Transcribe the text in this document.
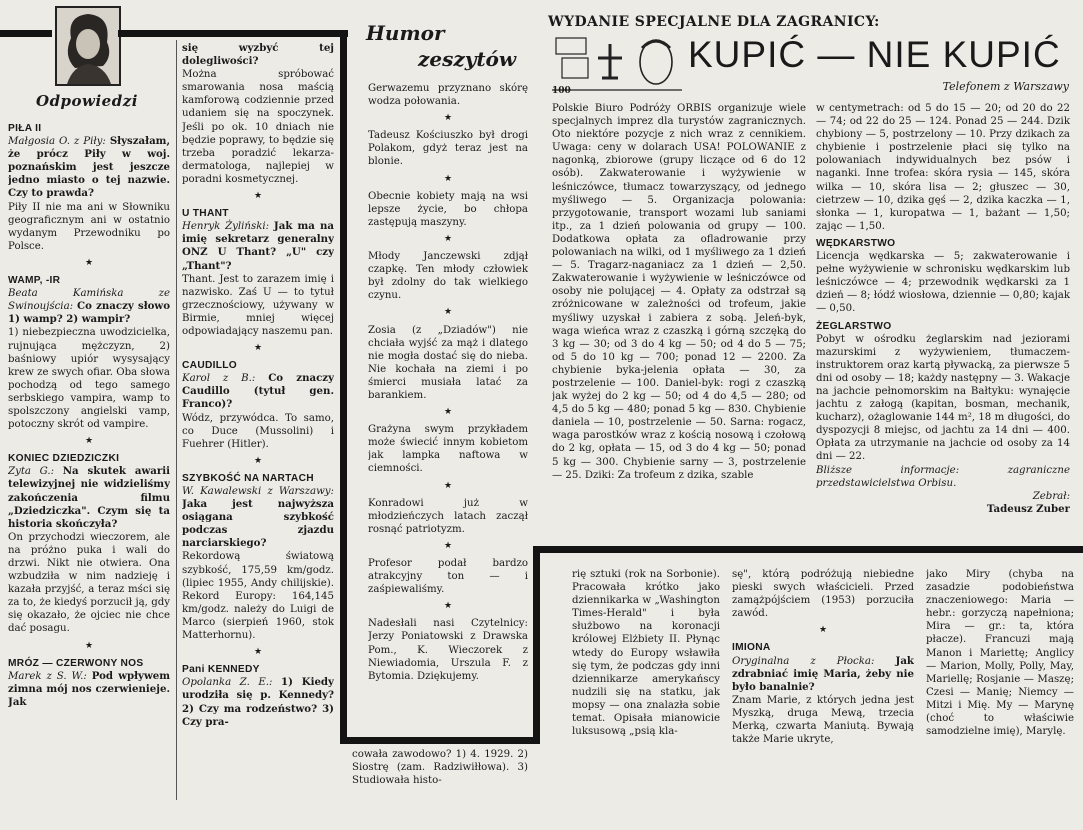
Odpowiedzi
PIŁA II

Małgosia O. z Piły: Słyszałam, że prócz Piły w woj. poznańskim jest jeszcze jedno miasto o tej nazwie. Czy to prawda?

Piły II nie ma ani w Słowniku geograficznym ani w ostatnio wydanym Przewodniku po Polsce.

★
WAMP, -IR

Beata Kamińska ze Swinoujścia: Co znaczy słowo 1) wamp? 2) wampir?

1) niebezpieczna uwodzicielka, rujnująca mężczyzn, 2) baśniowy upiór wysysający krew ze swych ofiar. Oba słowa pochodzą od tego samego serbskiego vampira, wamp to spolszczony angielski vamp, potoczny skrót od vampire.

★
KONIEC DZIEDZICZKI

Zyta G.: Na skutek awarii telewizyjnej nie widzieliśmy zakończenia filmu „Dziedziczka". Czym się ta historia skończyła?

On przychodzi wieczorem, ale na próżno puka i wali do drzwi. Nikt nie otwiera. Ona wzbudziła w nim nadzieję i kazała przyjść, a teraz mści się za to, że kiedyś porzucił ją, gdy się okazało, że ojciec nie chce dać posagu.

★
MRÓZ — CZERWONY NOS

Marek z S. W.: Pod wpływem zimna mój nos czerwienieje. Jak

się wyzbyć tej dolegliwości?

Można spróbować smarowania nosa maścią kamforową codziennie przed udaniem się na spoczynek. Jeśli po ok. 10 dniach nie będzie poprawy, to będzie się trzeba poradzić lekarza-dermatologa, najlepiej w poradni kosmetycznej.

★
U THANT

Henryk Żyliński: Jak ma na imię sekretarz generalny ONZ U Thant? „U" czy „Thant"?

Thant. Jest to zarazem imię i nazwisko. Zaś U — to tytuł grzecznościowy, używany w Birmie, mniej więcej odpowiadający naszemu pan.

★
CAUDILLO

Karol z B.: Co znaczy Caudillo (tytuł gen. Franco)?

Wódz, przywódca. To samo, co Duce (Mussolini) i Fuehrer (Hitler).

★
SZYBKOŚĆ NA NARTACH

W. Kawalewski z Warszawy: Jaka jest najwyższa osiągana szybkość podczas zjazdu narciarskiego?

Rekordową światową szybkość, 175,59 km/godz. (lipiec 1955, Andy chilijskie). Rekord Europy: 164,145 km/godz. należy do Luigi de Marco (sierpień 1960, stok Matterhornu).

★
Pani KENNEDY

Opolanka Z. E.: 1) Kiedy urodziła się p. Kennedy? 2) Czy ma rodzeństwo? 3) Czy pra-

Humor
zeszytów

Gerwazemu przyznano skórę wodza połowania.

★

Tadeusz Kościuszko był drogi Polakom, gdyż teraz jest na blonie.

★

Obecnie kobiety mają na wsi lepsze życie, bo chłopa zastępują maszyny.

★

Młody Janczewski zdjął czapkę. Ten młody człowiek był zdolny do tak wielkiego czynu.

★

Zosia (z „Dziadów") nie chciała wyjść za mąż i dlatego nie mogła dostać się do nieba. Nie kochała na ziemi i po śmierci musiała latać za barankiem.

★

Grażyna swym przykładem może świecić innym kobietom jak lampka naftowa w ciemności.

★

Konradowi już w młodzieńczych latach zaczął rosnąć patriotyzm.

★

Profesor podał bardzo atrakcyjny ton — i zaśpiewaliśmy.

★

Nadesłali nasi Czytelnicy: Jerzy Poniatowski z Drawska Pom., K. Wieczorek z Niewiadomia, Urszula F. z Bytomia. Dziękujemy.

WYDANIE SPECJALNE DLA ZAGRANICY:
100
KUPIĆ — NIE KUPIĆ
Telefonem z Warszawy

Polskie Biuro Podróży ORBIS organizuje wiele specjalnych imprez dla turystów zagranicznych. Oto niektóre pozycje z nich wraz z cennikiem. Uwaga: ceny w dolarach USA! POLOWANIE z nagonką, zbiorowe (grupy liczące od 6 do 12 osób). Zakwaterowanie i wyżywienie w leśniczówce, tłumacz towarzyszący, od jednego myśliwego — 5. Organizacja polowania: przygotowanie, transport wozami lub saniami itp., za 1 dzień polowania od grupy — 100. Dodatkowa opłata za ofladrowanie przy polowaniach na wilki, od 1 myśliwego za 1 dzień — 5. Tragarz-naganiacz za 1 dzień — 2,50. Zakwaterowanie i wyżywienie w leśniczówce od osoby nie polującej — 4. Opłaty za odstrzał są zróżnicowane w zależności od trofeum, jakie myśliwy uzyskał i zabiera z sobą. Jeleń-byk, waga wieńca wraz z czaszką i górną szczęką do 3 kg — 30; od 3 do 4 kg — 50; od 4 do 5 — 75; od 5 do 10 kg — 700; ponad 12 — 2200. Za chybienie byka-jelenia opłata — 30, za postrzelenie — 100. Daniel-byk: rogi z czaszką jak wyżej do 2 kg — 50; od 4 do 4,5 — 280; od 4,5 do 5 kg — 480; ponad 5 kg — 830. Chybienie daniela — 10, postrzelenie — 50. Sarna: rogacz, waga parostków wraz z kością nosową i czołową do 2 kg, opłata — 15, od 3 do 4 kg — 50; ponad 5 kg — 300. Chybienie sarny — 3, postrzelenie — 25. Dziki: Za trofeum z dzika, szable

w centymetrach: od 5 do 15 — 20; od 20 do 22 — 74; od 22 do 25 — 124. Ponad 25 — 244. Dzik chybiony — 5, postrzelony — 10. Przy dzikach za chybienie i postrzelenie płaci się tylko na polowaniach indywidualnych bez psów i naganki. Inne trofea: skóra rysia — 145, skóra wilka — 10, skóra lisa — 2; głuszec — 30, cietrzew — 10, dzika gęś — 2, dzika kaczka — 1, słonka — 1, kuropatwa — 1, bażant — 1,50; zając — 1,50.

WĘDKARSTWO

Licencja wędkarska — 5; zakwaterowanie i pełne wyżywienie w schronisku wędkarskim lub leśniczówce — 4; przewodnik wędkarski za 1 dzień — 8; łódź wiosłowa, dziennie — 0,80; kajak — 0,50.

ŻEGLARSTWO

Pobyt w ośrodku żeglarskim nad jeziorami mazurskimi z wyżywieniem, tłumaczem-instruktorem oraz kartą pływacką, za pierwsze 5 dni od osoby — 18; każdy następny — 3. Wakacje na jachcie pełnomorskim na Bałtyku: wynajęcie jachtu z załogą (kapitan, bosman, mechanik, kucharz), ożaglowanie 144 m², 18 m długości, do dyspozycji 8 miejsc, od jachtu za 14 dni — 400. Opłata za utrzymanie na jachcie od osoby za 14 dni — 22.

Bliższe informacje: zagraniczne przedstawicielstwa Orbisu.

Zebrał:

Tadeusz Zuber

cowała zawodowo? 1) 4. 1929. 2) Siostrę (zam. Radziwiłłowa). 3) Studiowała histo-

rię sztuki (rok na Sorbonie). Pracowała krótko jako dziennikarka w „Washington Times-Herald" i była służbowo na koronacji królowej Elżbiety II. Płynąc wtedy do Europy wsławiła się tym, że podczas gdy inni dziennikarze amerykańscy nudzili się na statku, jak mopsy — ona znalazła sobie temat. Opisała mianowicie luksusową „psią kla-

sę", którą podróżują niebiedne pieski swych właścicieli. Przed zamążpójściem (1953) porzuciła zawód.

★
IMIONA

Oryginalna z Płocka: Jak zdrabniać imię Maria, żeby nie było banalnie?

Znam Marie, z których jedna jest Myszką, druga Mewą, trzecia Merką, czwarta Maniutą. Bywają także Marie ukryte,

jako Miry (chyba na zasadzie podobieństwa znaczeniowego: Maria — hebr.: gorzyczą napełniona; Mira — gr.: ta, która płacze). Francuzi mają Manon i Mariettę; Anglicy — Marion, Molly, Polly, May, Mariellę; Rosjanie — Maszę; Czesi — Manię; Niemcy — Mitzi i Mię. My — Marynę (choć to właściwie samodzielne imię), Marylę.
